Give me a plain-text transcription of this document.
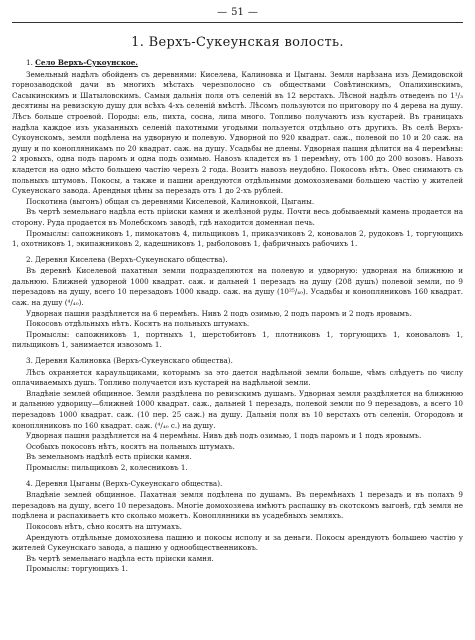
— 51 —
1. Верхъ-Сукеунская волость.
1. Село Верхъ-Сукоунское.

Земельный надѣлъ обойденъ съ деревнями: Киселева, Калиновка и Цыганы. Земля нарѣзана изъ Демидовской горнозаводской дачи въ многихъ мѣстахъ черезполосно съ обществами Совѣтинскимъ, Опалихинскимъ, Сасыкинскимъ и Шатыловскимъ. Самыя дальнія поля отъ селеній въ 12 верстахъ. Лѣсной надѣлъ отведенъ по 1¹/₃ десятины на ревизскую душу для всѣхъ 4-хъ селеній вмѣстѣ. Лѣсомъ пользуются по приговору по 4 дерева на душу. Лѣсъ больше строевой. Породы: ель, пихта, сосна, липа много. Топливо получаютъ изъ кустарей. Въ границахъ надѣла каждое изъ указанныхъ селеній пахотными угодьями пользуется отдѣльно отъ другихъ. Въ селѣ Верхъ-Сукоунскомъ, земля подѣлена на удворную и полевую. Удворной по 920 квадрат. саж., полевой по 10 и 20 саж. на душу и по конопляникамъ по 20 квадрат. саж. на душу. Усадьбы не длены. Удворная пашня дѣлится на 4 перемѣны: 2 яровыхъ, одна подъ паромъ и одна подъ озимью. Навозъ кладется въ 1 перемѣну, отъ 100 до 200 возовъ. Навозъ кладется на одно мѣсто большею частію черезъ 2 года. Возитъ навозъ неудобно. Покосовъ нѣтъ. Овес снимаютъ съ польныхъ штумовъ. Покосы, а также и пашни арендуются отдѣльными домохозяевами большею частію у жителей Сукеунскаго завода. Арендныя цѣны за перезадъ отъ 1 до 2-хъ рублей.

Поскотина (выгонъ) общая съ деревнями Киселевой, Калиновкой, Цыганы.

Въ чертѣ земельнаго надѣла есть пріиски камня и желѣзной руды. Почти весь добываемый камень продается на сторону. Руда продается въ Молебскомъ заводѣ, гдѣ находится доменная печь.

Промыслы: сапожниковъ 1, пимокатовъ 4, пильщиковъ 1, приказчиковъ 2, коновалов 2, рудоковъ 1, торгующихъ 1, охотниковъ 1, экипажниковъ 2, кадешниковъ 1, рыболововъ 1, фабричныхъ рабочихъ 1.

2. Деревня Киселева (Верхъ-Сукеунскаго общества).

Въ деревнѣ Киселевой пахатныя земли подразделяются на полевую и удворную: удворная на ближнюю и дальнюю. Ближней удворной 1000 квадрат. саж. и дальней 1 перезадъ на душу (208 душъ) полевой земли, по 9 перезадовъ на душу, всего 10 перезадовъ 1000 квадр. саж. на душу (10²⁵/₄₀). Усадьбы и конопляниковъ 160 квадрат. саж. на душу (⁴/₄₀).

Удворная пашня раздѣляется на 6 перемѣнъ. Нивъ 2 подъ озимью, 2 подъ паромъ и 2 подъ яровымъ.

Покосовъ отдѣльныхъ нѣтъ. Косятъ на польныхъ штумахъ.

Промыслы: сапожниковъ 1, портныхъ 1, шерстобитовъ 1, плотниковъ 1, торгующихъ 1, коноваловъ 1, пильщиковъ 1, занимается извозомъ 1.

3. Деревня Калиновка (Верхъ-Сукеунскаго общества).

Лѣсъ охраняется караульщиками, которымъ за это дается надѣльной земли больше, чѣмъ слѣдуетъ по числу оплачиваемыхъ душъ. Топливо получается изъ кустарей на надѣльной земли.

Владѣніе землей общинное. Земля раздѣлена по ревизскимъ душамъ. Удворная земля раздѣляется на ближнюю и дальнюю удворицу—ближней 1000 квадрат. саж., дальней 1 перезадъ, полевой земли по 9 перезадовъ, а всего 10 перезадовъ 1000 квадрат. саж. (10 пер. 25 саж.) на душу. Дальнія поля въ 10 верстахъ отъ селенія. Огородовъ и конопляниковъ по 160 квадрат. саж. (⁴/₄₀ с.) на душу.

Удворная пашня раздѣляется на 4 перемѣны. Нивъ двѣ подъ озимью, 1 подъ паромъ и 1 подъ яровымъ.

Особыхъ покосовъ нѣтъ, косятъ на польныхъ штумахъ.

Въ земельномъ надѣлѣ есть пріиски камня.

Промыслы: пильщиковъ 2, колесниковъ 1.

4. Деревня Цыганы (Верхъ-Сукеунскаго общества).

Владѣніе землей общинное. Пахатная земля подѣлена по душамъ. Въ перемѣнахъ 1 перезадъ и въ полахъ 9 перезадовъ на душу, всего 10 перезадовъ. Многіе домохозяева имѣютъ распашку въ скотскомъ выгонѣ, гдѣ земля не подѣлена и распахиваетъ кто сколько можетъ. Коноплянники въ усадебныхъ земляхъ.

Покосовъ нѣтъ, сѣно косятъ на штумахъ.

Арендуютъ отдѣльные домохозяева пашню и покосы исполу и за деньги. Покосы арендуютъ большею частію у жителей Сукеунскаго завода, а пашню у однообщественниковъ.

Въ чертѣ земельнаго надѣла есть пріиски камня.

Промыслы: торгующихъ 1.
